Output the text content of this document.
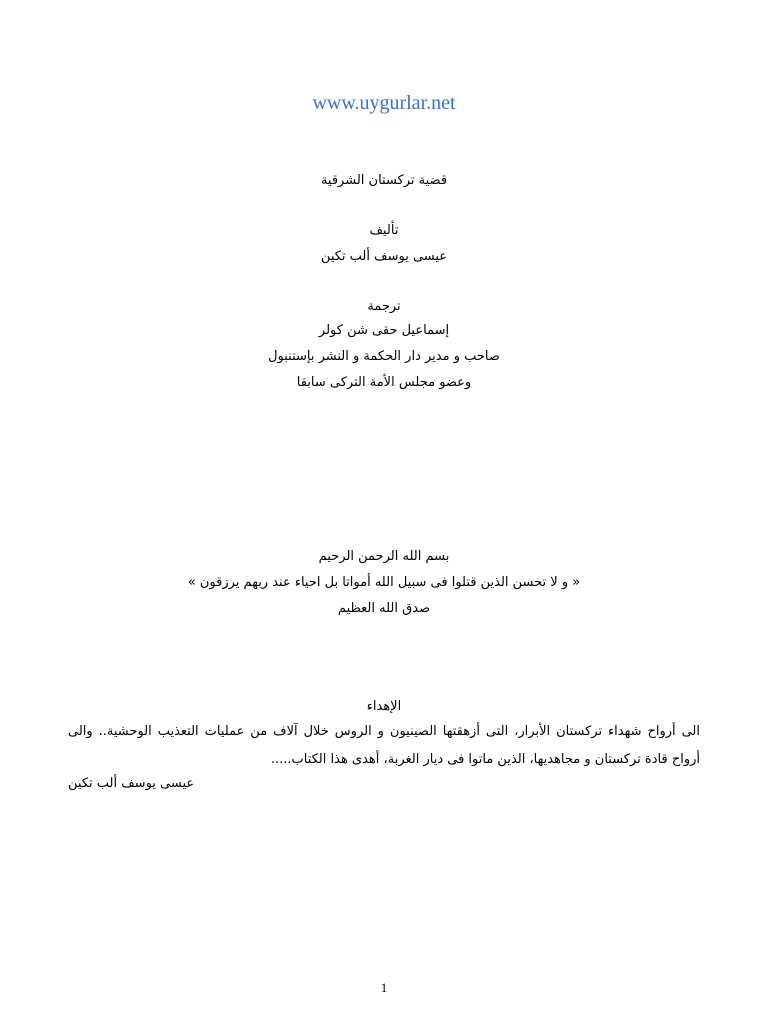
www.uygurlar.net
قضية تركستان الشرقية
تأليف
عيسى يوسف ألب تكين
ترجمة
إسماعيل حقى شن كولر
صاحب و مدير دار الحكمة و النشر بإستنبول
وعضو مجلس الأمة التركى سابقا
بسم الله الرحمن الرحيم
« و لا تحسن الذين قتلوا فى سبيل الله أمواتا بل احياء عند ربهم يرزقون »
صدق الله العظيم
الإهداء
الى أرواح شهداء تركستان الأبرار، التى أزهقتها الصينيون و الروس خلال آلاف من عمليات التعذيب الوحشية.. والى أرواح قادة تركستان و مجاهديها، الذين ماتوا فى ديار الغربة، أهدى هذا الكتاب.....
عيسى يوسف ألب تكين
1
